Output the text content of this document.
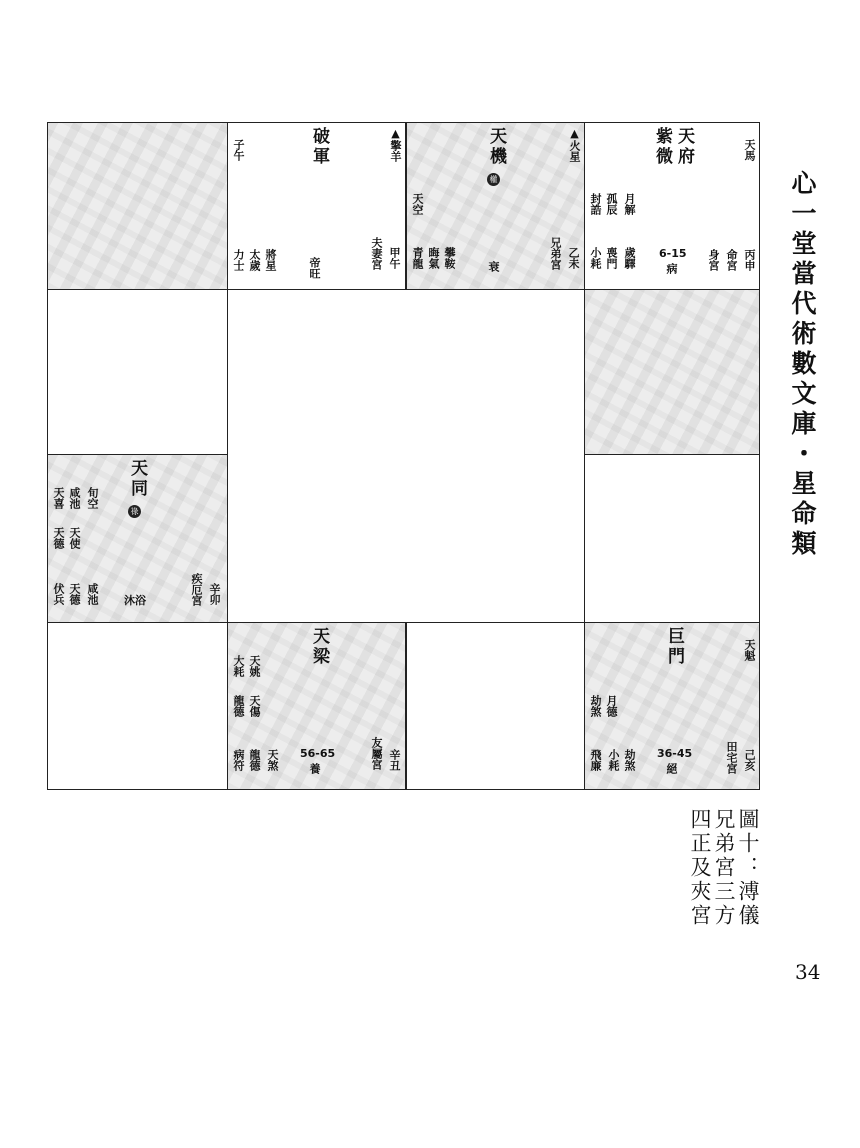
子午	破軍	▲擎羊
力士 太歲 將星	帝旺	夫妻宮 甲午
天機
權
▲火星
天空
青龍 晦氣 攀鞍	衰	兄弟宮 乙未
紫微 天府	天馬
封誥 孤辰 月解
6-15
小耗 喪門 歲驛	病	身宮 命宮 丙申
天同
祿
天喜 咸池 旬空
天德 天使
伏兵 天德 咸池 沐浴	疾厄宮 辛卯
天梁
大耗 天姚
龍德 天傷
56-65
病符 龍德 天煞	養	友屬宮 辛丑
巨門	天魁
劫煞 月德
36-45
飛廉 小耗 劫煞	絕	田宅宮 己亥
心一堂當代術數文庫・星命類
圖十：溥儀兄弟宮三方四正及夾宮
34
